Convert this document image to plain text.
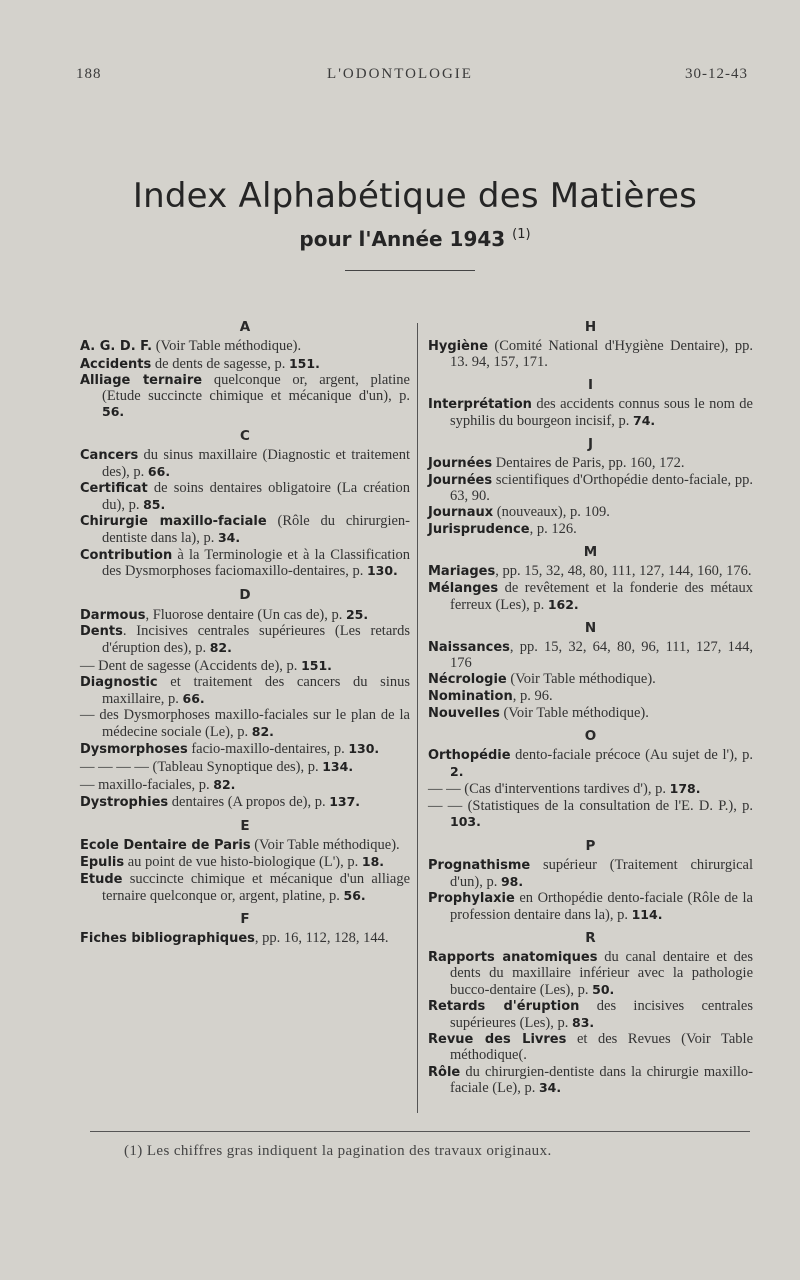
188	L'ODONTOLOGIE	30-12-43
Index Alphabétique des Matières
pour l'Année 1943 $^{(1)}$
A
A. G. D. F. (Voir Table méthodique).
Accidents de dents de sagesse, p. 151.
Alliage ternaire quelconque or, argent, platine (Etude succincte chimique et mécanique d'un), p. 56.
C
Cancers du sinus maxillaire (Diagnostic et traitement des), p. 66.
Certificat de soins dentaires obligatoire (La création du), p. 85.
Chirurgie maxillo-faciale (Rôle du chirurgien-dentiste dans la), p. 34.
Contribution à la Terminologie et à la Classification des Dysmorphoses faciomaxillo-dentaires, p. 130.
D
Darmous, Fluorose dentaire (Un cas de), p. 25.
Dents. Incisives centrales supérieures (Les retards d'éruption des), p. 82.
— Dent de sagesse (Accidents de), p. 151.
Diagnostic et traitement des cancers du sinus maxillaire, p. 66.
— des Dysmorphoses maxillo-faciales sur le plan de la médecine sociale (Le), p. 82.
Dysmorphoses facio-maxillo-dentaires, p. 130.
— — — — (Tableau Synoptique des), p. 134.
— maxillo-faciales, p. 82.
Dystrophies dentaires (A propos de), p. 137.
E
Ecole Dentaire de Paris (Voir Table méthodique).
Epulis au point de vue histo-biologique (L'), p. 18.
Etude succincte chimique et mécanique d'un alliage ternaire quelconque or, argent, platine, p. 56.
F
Fiches bibliographiques, pp. 16, 112, 128, 144.
H
Hygiène (Comité National d'Hygiène Dentaire), pp. 13. 94, 157, 171.
I
Interprétation des accidents connus sous le nom de syphilis du bourgeon incisif, p. 74.
J
Journées Dentaires de Paris, pp. 160, 172.
Journées scientifiques d'Orthopédie dento-faciale, pp. 63, 90.
Journaux (nouveaux), p. 109.
Jurisprudence, p. 126.
M
Mariages, pp. 15, 32, 48, 80, 111, 127, 144, 160, 176.
Mélanges de revêtement et la fonderie des métaux ferreux (Les), p. 162.
N
Naissances, pp. 15, 32, 64, 80, 96, 111, 127, 144, 176
Nécrologie (Voir Table méthodique).
Nomination, p. 96.
Nouvelles (Voir Table méthodique).
O
Orthopédie dento-faciale précoce (Au sujet de l'), p. 2.
— — (Cas d'interventions tardives d'), p. 178.
— — (Statistiques de la consultation de l'E. D. P.), p. 103.
P
Prognathisme supérieur (Traitement chirurgical d'un), p. 98.
Prophylaxie en Orthopédie dento-faciale (Rôle de la profession dentaire dans la), p. 114.
R
Rapports anatomiques du canal dentaire et des dents du maxillaire inférieur avec la pathologie bucco-dentaire (Les), p. 50.
Retards d'éruption des incisives centrales supérieures (Les), p. 83.
Revue des Livres et des Revues (Voir Table méthodique(.
Rôle du chirurgien-dentiste dans la chirurgie maxillo-faciale (Le), p. 34.
(1) Les chiffres gras indiquent la pagination des travaux originaux.
